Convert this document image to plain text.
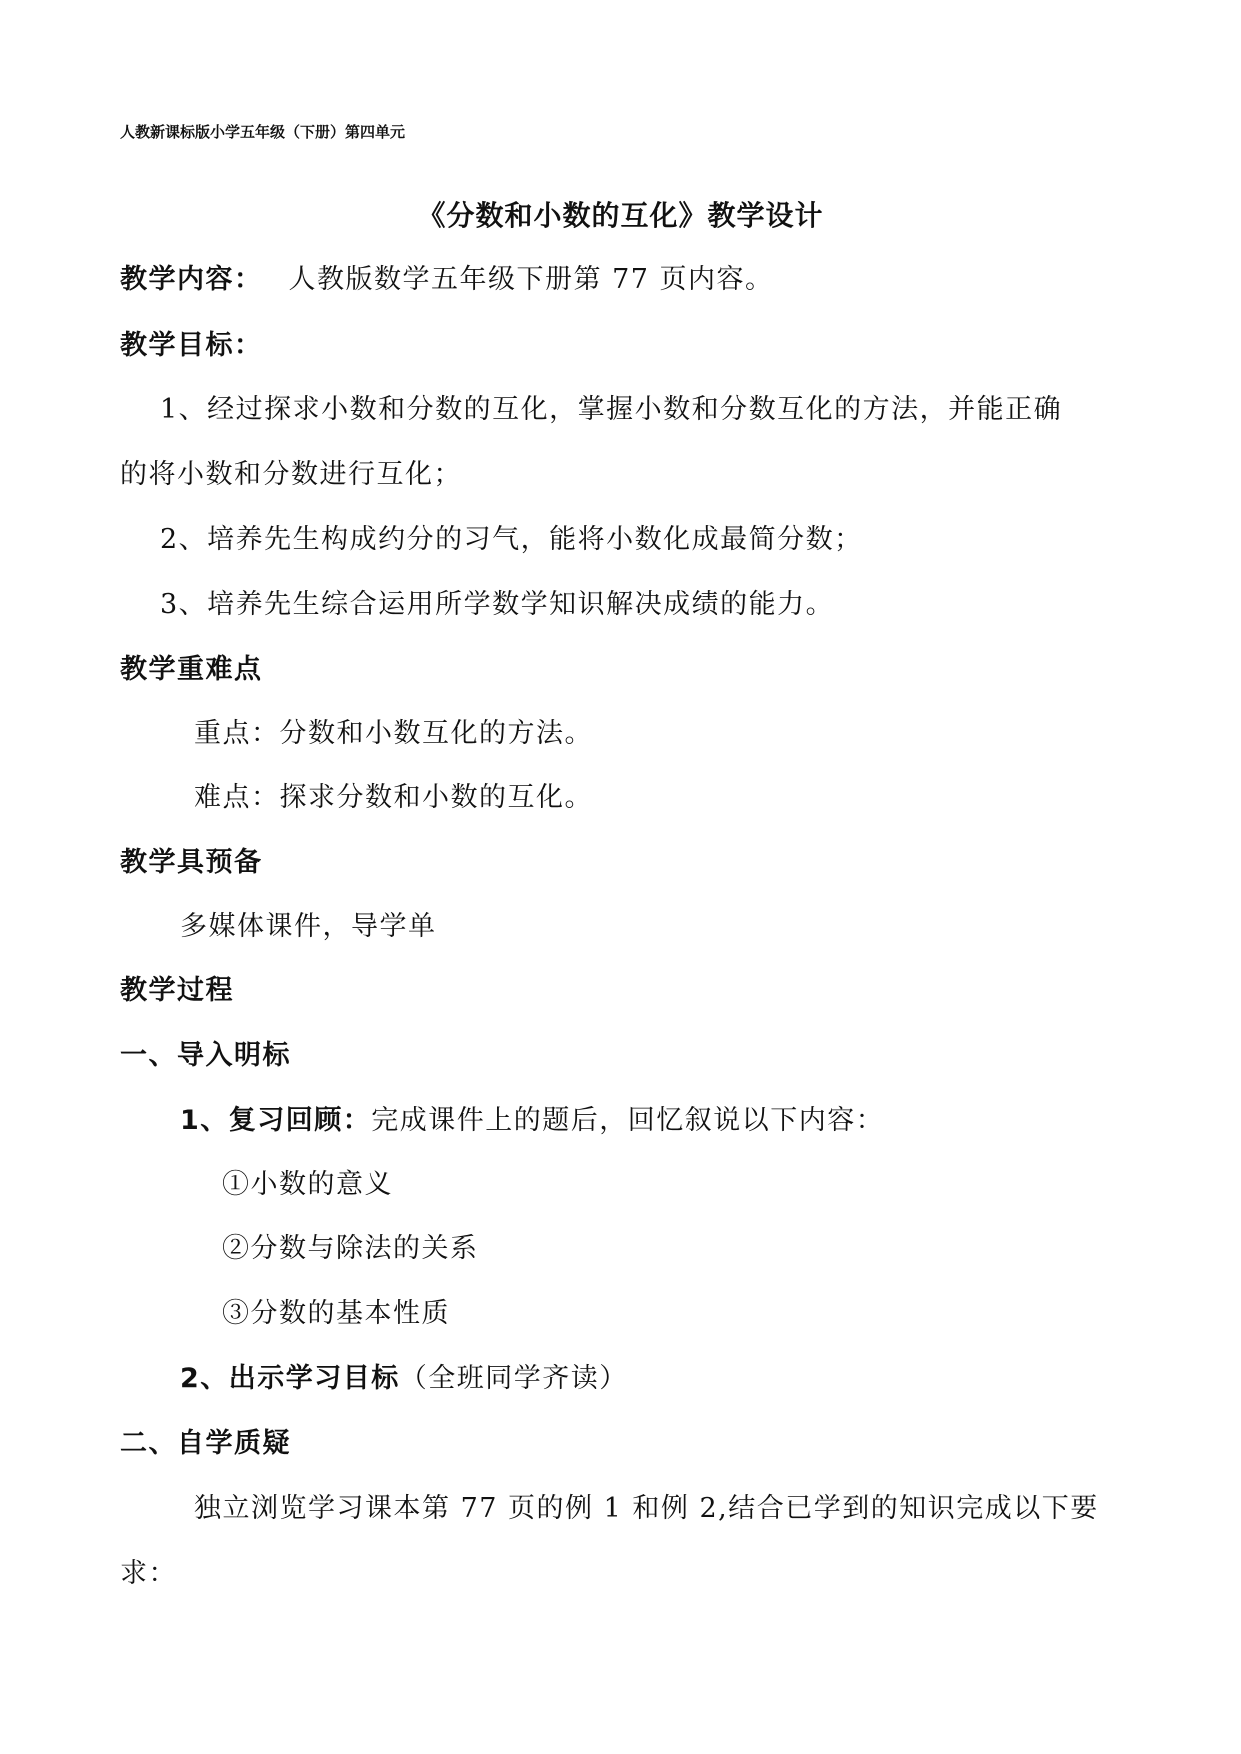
人教新课标版小学五年级（下册）第四单元
《分数和小数的互化》教学设计
教学内容： 人教版数学五年级下册第 77 页内容。
教学目标：
1、经过探求小数和分数的互化，掌握小数和分数互化的方法，并能正确
的将小数和分数进行互化；
2、培养先生构成约分的习气，能将小数化成最简分数；
3、培养先生综合运用所学数学知识解决成绩的能力。
教学重难点
重点：分数和小数互化的方法。
难点：探求分数和小数的互化。
教学具预备
多媒体课件，导学单
教学过程
一、导入明标
1、复习回顾：完成课件上的题后，回忆叙说以下内容：
①小数的意义
②分数与除法的关系
③分数的基本性质
2、出示学习目标（全班同学齐读）
二、自学质疑
独立浏览学习课本第 77 页的例 1 和例 2,结合已学到的知识完成以下要
求：
